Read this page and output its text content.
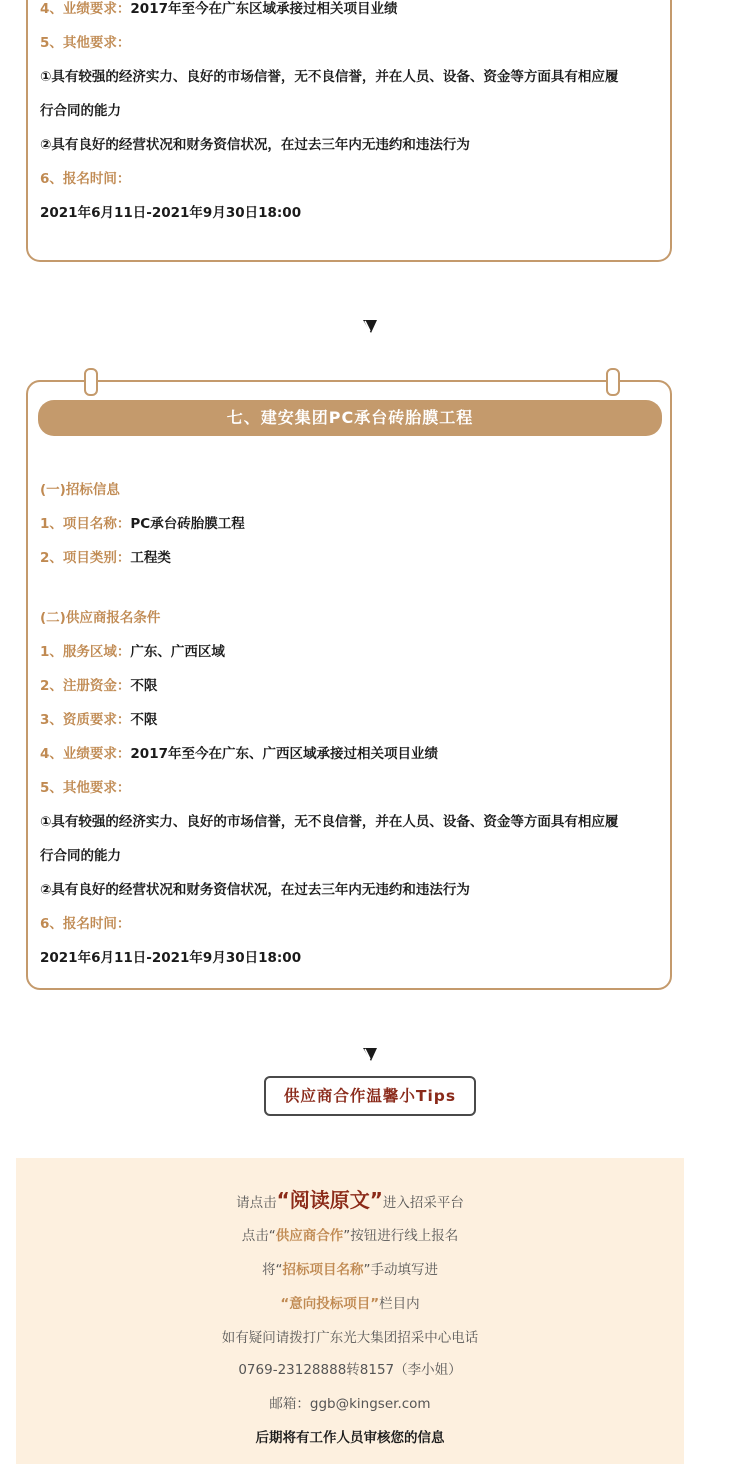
4、业绩要求：2017年至今在广东区域承接过相关项目业绩
5、其他要求：
①具有较强的经济实力、良好的市场信誉，无不良信誉，并在人员、设备、资金等方面具有相应履
行合同的能力
②具有良好的经营状况和财务资信状况，在过去三年内无违约和违法行为
6、报名时间：
2021年6月11日-2021年9月30日18:00
七、建安集团PC承台砖胎膜工程
(一)招标信息
1、项目名称：PC承台砖胎膜工程
2、项目类别：工程类
(二)供应商报名条件
1、服务区域：广东、广西区域
2、注册资金：不限
3、资质要求：不限
4、业绩要求：2017年至今在广东、广西区域承接过相关项目业绩
5、其他要求：
①具有较强的经济实力、良好的市场信誉，无不良信誉，并在人员、设备、资金等方面具有相应履
行合同的能力
②具有良好的经营状况和财务资信状况，在过去三年内无违约和违法行为
6、报名时间：
2021年6月11日-2021年9月30日18:00
供应商合作温馨小Tips
请点击“阅读原文”进入招采平台
点击“供应商合作”按钮进行线上报名
将“招标项目名称”手动填写进
“意向投标项目”栏目内
如有疑问请拨打广东光大集团招采中心电话
0769-23128888转8157（李小姐）
邮箱：ggb@kingser.com
后期将有工作人员审核您的信息
